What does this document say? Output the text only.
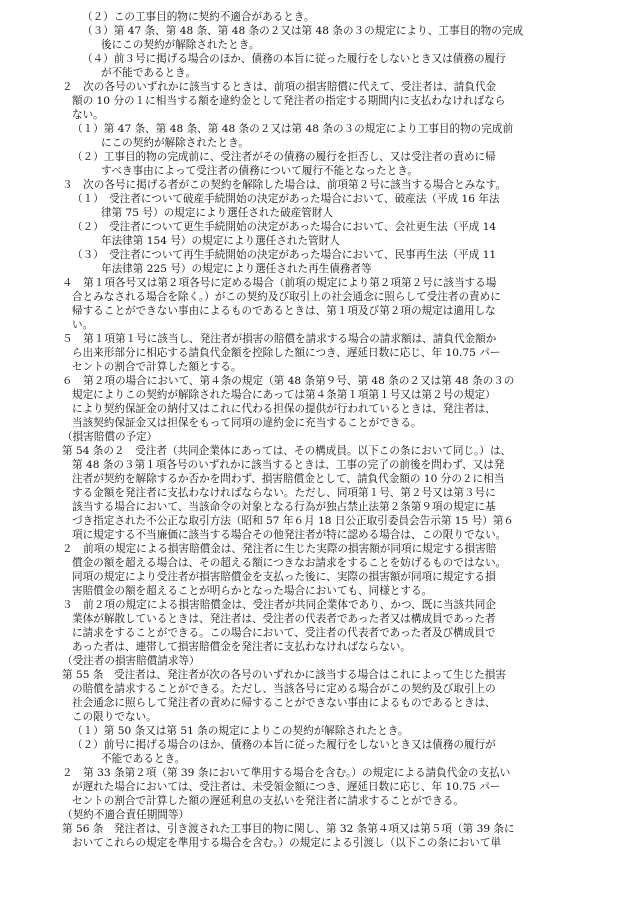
（２）この工事目的物に契約不適合があるとき。
（３）第 47 条、第 48 条、第 48 条の２又は第 48 条の３の規定により、工事目的物の完成
後にこの契約が解除されたとき。
（４）前３号に掲げる場合のほか、債務の本旨に従った履行をしないとき又は債務の履行
が不能であるとき。
２　次の各号のいずれかに該当するときは、前項の損害賠償に代えて、受注者は、請負代金
額の 10 分の１に相当する額を違約金として発注者の指定する期間内に支払わなければなら
ない。
（１）第 47 条、第 48 条、第 48 条の２又は第 48 条の３の規定により工事目的物の完成前
にこの契約が解除されたとき。
（２）工事目的物の完成前に、受注者がその債務の履行を拒否し、又は受注者の責めに帰
すべき事由によって受注者の債務について履行不能となったとき。
３　次の各号に掲げる者がこの契約を解除した場合は、前項第２号に該当する場合とみなす。
（１）　受注者について破産手続開始の決定があった場合において、破産法（平成 16 年法
律第 75 号）の規定により選任された破産管財人
（２）　受注者について更生手続開始の決定があった場合において、会社更生法（平成 14
年法律第 154 号）の規定により選任された管財人
（３）　受注者について再生手続開始の決定があった場合において、民事再生法（平成 11
年法律第 225 号）の規定により選任された再生債務者等
４　第１項各号又は第２項各号に定める場合（前項の規定により第２項第２号に該当する場
合とみなされる場合を除く。）がこの契約及び取引上の社会通念に照らして受注者の責めに
帰することができない事由によるものであるときは、第１項及び第２項の規定は適用しな
い。
５　第１項第１号に該当し、発注者が損害の賠償を請求する場合の請求額は、請負代金額か
ら出来形部分に相応する請負代金額を控除した額につき、遅延日数に応じ、年 10.75 パー
セントの割合で計算した額とする。
６　第２項の場合において、第４条の規定（第 48 条第９号、第 48 条の２又は第 48 条の３の
規定によりこの契約が解除された場合にあっては第４条第１項第１号又は第２号の規定）
により契約保証金の納付又はこれに代わる担保の提供が行われているときは、発注者は、
当該契約保証金又は担保をもって同項の違約金に充当することができる。
（損害賠償の予定）
第 54 条の２　受注者（共同企業体にあっては、その構成員。以下この条において同じ。）は、
第 48 条の３第１項各号のいずれかに該当するときは、工事の完了の前後を問わず、又は発
注者が契約を解除するか否かを問わず、損害賠償金として、請負代金額の 10 分の２に相当
する金額を発注者に支払わなければならない。ただし、同項第１号、第２号又は第３号に
該当する場合において、当該命令の対象となる行為が独占禁止法第２条第９項の規定に基
づき指定された不公正な取引方法（昭和 57 年６月 18 日公正取引委員会告示第 15 号）第６
項に規定する不当廉価に該当する場合その他発注者が特に認める場合は、この限りでない。
２　前項の規定による損害賠償金は、発注者に生じた実際の損害額が同項に規定する損害賠
償金の額を超える場合は、その超える額につきなお請求をすることを妨げるものではない。
同項の規定により受注者が損害賠償金を支払った後に、実際の損害額が同項に規定する損
害賠償金の額を超えることが明らかとなった場合においても、同様とする。
３　前２項の規定による損害賠償金は、受注者が共同企業体であり、かつ、既に当該共同企
業体が解散しているときは、発注者は、受注者の代表者であった者又は構成員であった者
に請求をすることができる。この場合において、受注者の代表者であった者及び構成員で
あった者は、連帯して損害賠償金を発注者に支払わなければならない。
（受注者の損害賠償請求等）
第 55 条　受注者は、発注者が次の各号のいずれかに該当する場合はこれによって生じた損害
の賠償を請求することができる。ただし、当該各号に定める場合がこの契約及び取引上の
社会通念に照らして発注者の責めに帰することができない事由によるものであるときは、
この限りでない。
（１）第 50 条又は第 51 条の規定によりこの契約が解除されたとき。
（２）前号に掲げる場合のほか、債務の本旨に従った履行をしないとき又は債務の履行が
不能であるとき。
２　第 33 条第２項（第 39 条において準用する場合を含む。）の規定による請負代金の支払い
が遅れた場合においては、受注者は、未受領金額につき、遅延日数に応じ、年 10.75 パー
セントの割合で計算した額の遅延利息の支払いを発注者に請求することができる。
（契約不適合責任期間等）
第 56 条　発注者は、引き渡された工事目的物に関し、第 32 条第４項又は第５項（第 39 条に
おいてこれらの規定を準用する場合を含む。）の規定による引渡し（以下この条において単
